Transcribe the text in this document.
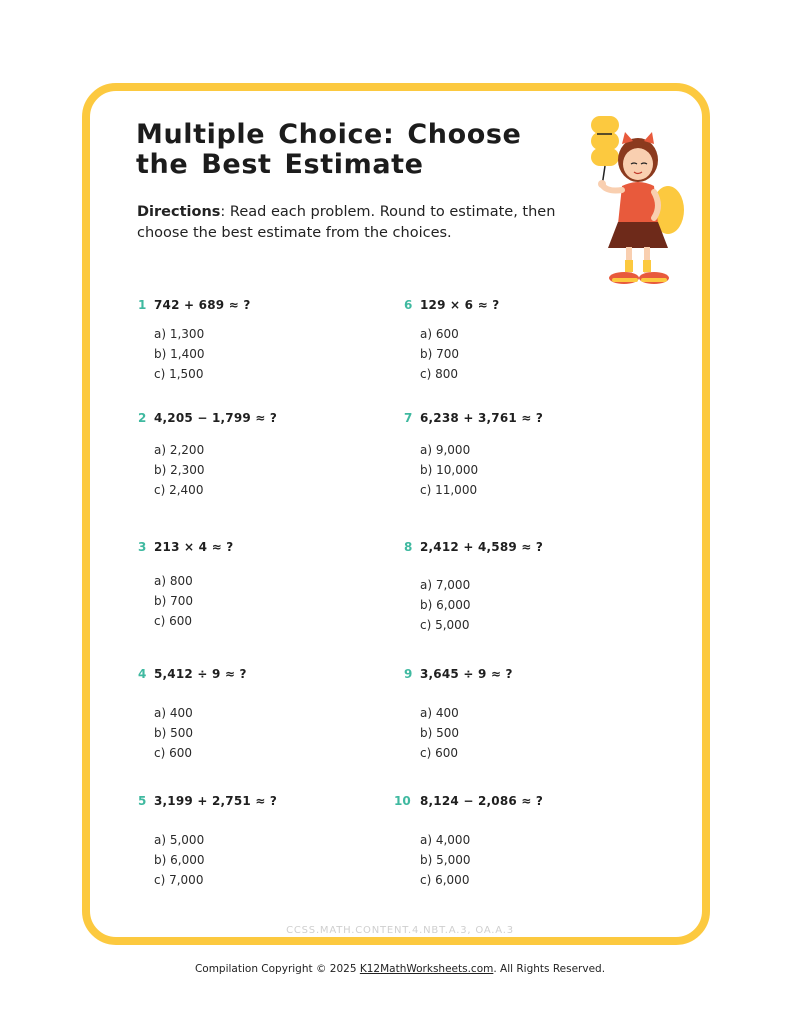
Multiple Choice: Choose the Best Estimate

Directions: Read each problem. Round to estimate, then choose the best estimate from the choices.

1 742 + 689 ≈ ?
a) 1,300
b) 1,400
c) 1,500
2 4,205 − 1,799 ≈ ?
a) 2,200
b) 2,300
c) 2,400
3 213 × 4 ≈ ?
a) 800
b) 700
c) 600
4 5,412 ÷ 9 ≈ ?
a) 400
b) 500
c) 600
5 3,199 + 2,751 ≈ ?
a) 5,000
b) 6,000
c) 7,000
6 129 × 6 ≈ ?
a) 600
b) 700
c) 800
7 6,238 + 3,761 ≈ ?
a) 9,000
b) 10,000
c) 11,000
8 2,412 + 4,589 ≈ ?
a) 7,000
b) 6,000
c) 5,000
9 3,645 ÷ 9 ≈ ?
a) 400
b) 500
c) 600
10 8,124 − 2,086 ≈ ?
a) 4,000
b) 5,000
c) 6,000
CCSS.MATH.CONTENT.4.NBT.A.3, OA.A.3
Compilation Copyright © 2025 K12MathWorksheets.com. All Rights Reserved.
